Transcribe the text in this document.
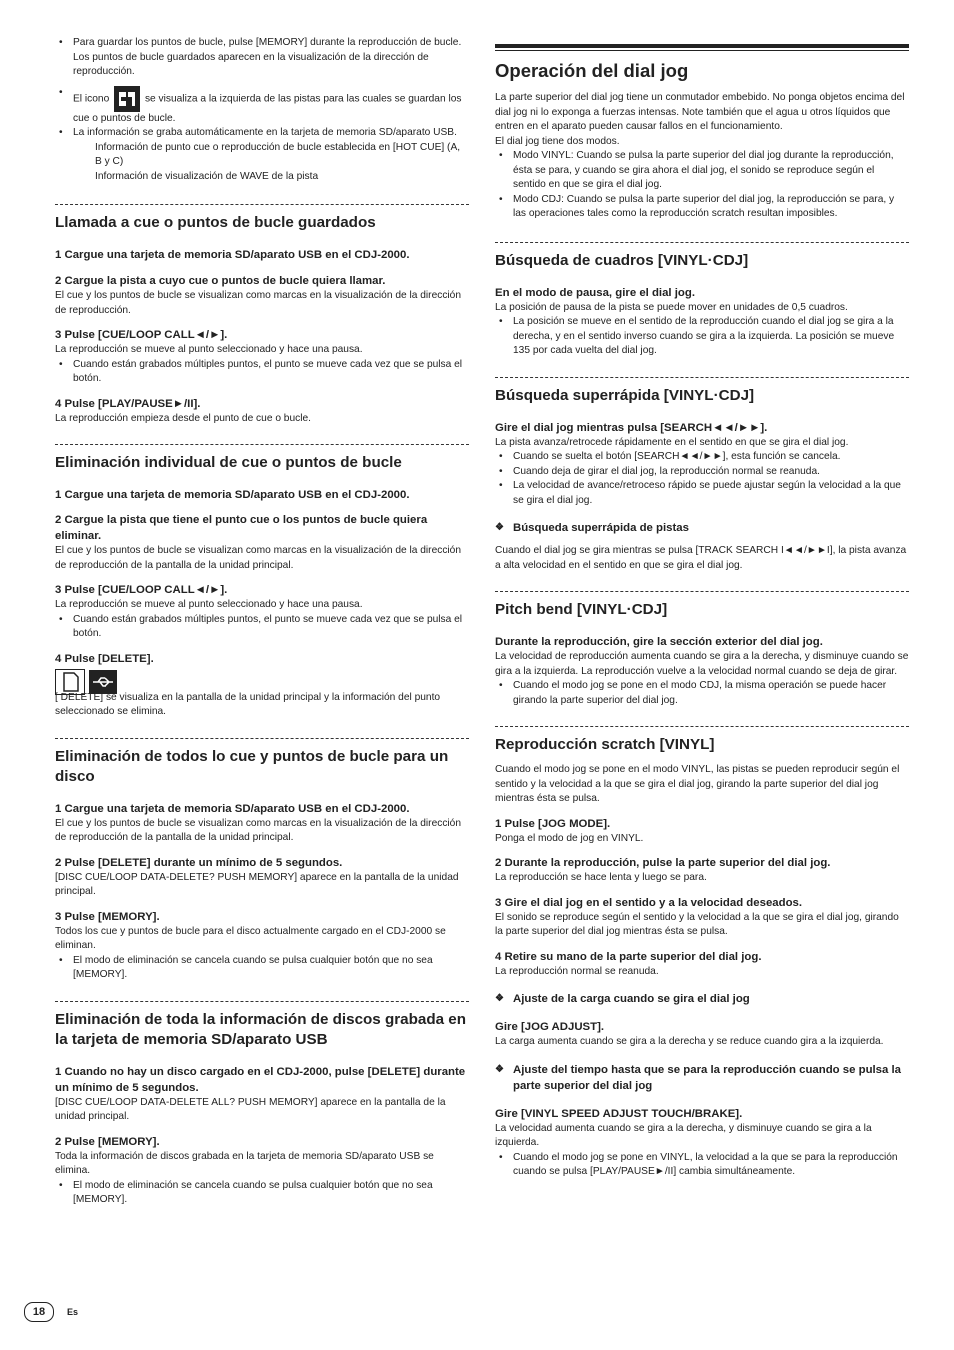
• Para guardar los puntos de bucle, pulse [MEMORY] durante la reproducción de bucle. Los puntos de bucle guardados aparecen en la visualización de la dirección de reproducción.

• El icono	se visualiza a la izquierda de las pistas para las cuales se guardan los cue o puntos de bucle.

• La información se graba automáticamente en la tarjeta de memoria SD/aparato USB.

Información de punto cue o reproducción de bucle establecida en [HOT CUE] (A, B y C)

Información de visualización de WAVE de la pista

Llamada a cue o puntos de bucle guardados

1 Cargue una tarjeta de memoria SD/aparato USB en el CDJ-2000.

2 Cargue la pista a cuyo cue o puntos de bucle quiera llamar.

El cue y los puntos de bucle se visualizan como marcas en la visualización de la dirección de reproducción.

3 Pulse [CUE/LOOP CALL◄/►].

La reproducción se mueve al punto seleccionado y hace una pausa.

• Cuando están grabados múltiples puntos, el punto se mueve cada vez que se pulsa el botón.

4 Pulse [PLAY/PAUSE►/II].

La reproducción empieza desde el punto de cue o bucle.

Eliminación individual de cue o puntos de bucle

1 Cargue una tarjeta de memoria SD/aparato USB en el CDJ-2000.

2 Cargue la pista que tiene el punto cue o los puntos de bucle quiera eliminar.

El cue y los puntos de bucle se visualizan como marcas en la visualización de la dirección de reproducción de la pantalla de la unidad principal.

3 Pulse [CUE/LOOP CALL◄/►].

La reproducción se mueve al punto seleccionado y hace una pausa.

• Cuando están grabados múltiples puntos, el punto se mueve cada vez que se pulsa el botón.

4 Pulse [DELETE].

[ DELETE] se visualiza en la pantalla de la unidad principal y la información del punto seleccionado se elimina.

Eliminación de todos lo cue y puntos de bucle para un disco

1 Cargue una tarjeta de memoria SD/aparato USB en el CDJ-2000.

El cue y los puntos de bucle se visualizan como marcas en la visualización de la dirección de reproducción de la pantalla de la unidad principal.

2 Pulse [DELETE] durante un mínimo de 5 segundos.

[DISC CUE/LOOP DATA-DELETE? PUSH MEMORY] aparece en la pantalla de la unidad principal.

3 Pulse [MEMORY].

Todos los cue y puntos de bucle para el disco actualmente cargado en el CDJ-2000 se eliminan.

• El modo de eliminación se cancela cuando se pulsa cualquier botón que no sea [MEMORY].

Eliminación de toda la información de discos grabada en la tarjeta de memoria SD/aparato USB

1 Cuando no hay un disco cargado en el CDJ-2000, pulse [DELETE] durante un mínimo de 5 segundos.

[DISC CUE/LOOP DATA-DELETE ALL? PUSH MEMORY] aparece en la pantalla de la unidad principal.

2 Pulse [MEMORY].

Toda la información de discos grabada en la tarjeta de memoria SD/aparato USB se elimina.

• El modo de eliminación se cancela cuando se pulsa cualquier botón que no sea [MEMORY].

Operación del dial jog

La parte superior del dial jog tiene un conmutador embebido. No ponga objetos encima del dial jog ni lo exponga a fuerzas intensas. Note también que el agua u otros líquidos que entren en el aparato pueden causar fallos en el funcionamiento.

El dial jog tiene dos modos.

• Modo VINYL: Cuando se pulsa la parte superior del dial jog durante la reproducción, ésta se para, y cuando se gira ahora el dial jog, el sonido se reproduce según el sentido en que se gira el dial jog.

• Modo CDJ: Cuando se pulsa la parte superior del dial jog, la reproducción se para, y las operaciones tales como la reproducción scratch resultan imposibles.

Búsqueda de cuadros [VINYL·CDJ]

En el modo de pausa, gire el dial jog.

La posición de pausa de la pista se puede mover en unidades de 0,5 cuadros.

• La posición se mueve en el sentido de la reproducción cuando el dial jog se gira a la derecha, y en el sentido inverso cuando se gira a la izquierda. La posición se mueve 135 por cada vuelta del dial jog.

Búsqueda superrápida [VINYL·CDJ]

Gire el dial jog mientras pulsa [SEARCH◄◄/►►].

La pista avanza/retrocede rápidamente en el sentido en que se gira el dial jog.

• Cuando se suelta el botón [SEARCH◄◄/►►], esta función se cancela.

• Cuando deja de girar el dial jog, la reproducción normal se reanuda.

• La velocidad de avance/retroceso rápido se puede ajustar según la velocidad a la que se gira el dial jog.

❖ Búsqueda superrápida de pistas

Cuando el dial jog se gira mientras se pulsa [TRACK SEARCH I◄◄/►►I], la pista avanza a alta velocidad en el sentido en que se gira el dial jog.

Pitch bend [VINYL·CDJ]

Durante la reproducción, gire la sección exterior del dial jog.

La velocidad de reproducción aumenta cuando se gira a la derecha, y disminuye cuando se gira a la izquierda. La reproducción vuelve a la velocidad normal cuando se deja de girar.

• Cuando el modo jog se pone en el modo CDJ, la misma operación se puede hacer girando la parte superior del dial jog.

Reproducción scratch [VINYL]

Cuando el modo jog se pone en el modo VINYL, las pistas se pueden reproducir según el sentido y la velocidad a la que se gira el dial jog, girando la parte superior del dial jog mientras ésta se pulsa.

1 Pulse [JOG MODE].

Ponga el modo de jog en VINYL.

2 Durante la reproducción, pulse la parte superior del dial jog.

La reproducción se hace lenta y luego se para.

3 Gire el dial jog en el sentido y a la velocidad deseados.

El sonido se reproduce según el sentido y la velocidad a la que se gira el dial jog, girando la parte superior del dial jog mientras ésta se pulsa.

4 Retire su mano de la parte superior del dial jog.

La reproducción normal se reanuda.

❖ Ajuste de la carga cuando se gira el dial jog

Gire [JOG ADJUST].

La carga aumenta cuando se gira a la derecha y se reduce cuando gira a la izquierda.

❖ Ajuste del tiempo hasta que se para la reproducción cuando se pulsa la parte superior del dial jog

Gire [VINYL SPEED ADJUST TOUCH/BRAKE].

La velocidad aumenta cuando se gira a la derecha, y disminuye cuando se gira a la izquierda.

• Cuando el modo jog se pone en VINYL, la velocidad a la que se para la reproducción cuando se pulsa [PLAY/PAUSE►/II] cambia simultáneamente.

18	Es
